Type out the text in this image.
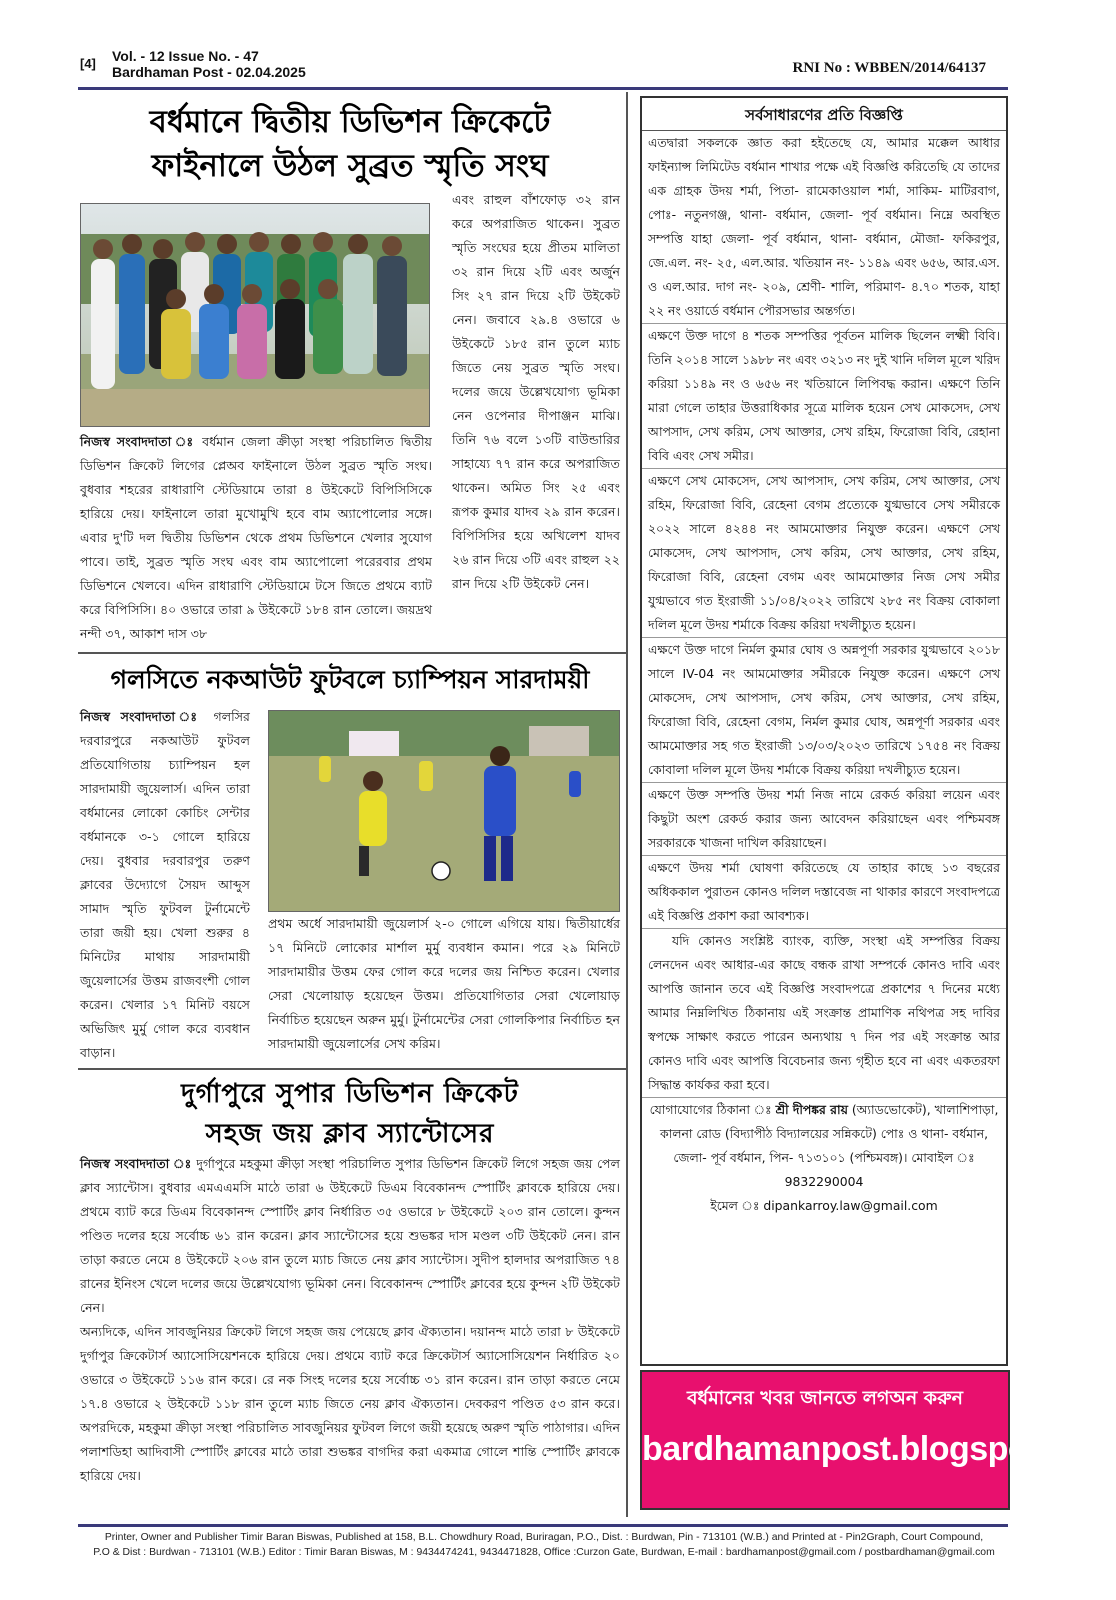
[4] Vol. - 12 Issue No. - 47
Bardhaman Post - 02.04.2025	RNI No : WBBEN/2014/64137
বর্ধমানে দ্বিতীয় ডিভিশন ক্রিকেটে
ফাইনালে উঠল সুব্রত স্মৃতি সংঘ
নিজস্ব সংবাদদাতা ঃ বর্ধমান জেলা ক্রীড়া সংস্থা পরিচালিত দ্বিতীয় ডিভিশন ক্রিকেট লিগের প্লেঅব ফাইনালে উঠল সুব্রত স্মৃতি সংঘ। বুধবার শহরের রাধারাণি স্টেডিয়ামে তারা ৪ উইকেটে বিপিসিসিকে হারিয়ে দেয়। ফাইনালে তারা মুখোমুখি হবে বাম অ্যাপোলোর সঙ্গে। এবার দু'টি দল দ্বিতীয় ডিভিশন থেকে প্রথম ডিভিশনে খেলার সুযোগ পাবে। তাই, সুব্রত স্মৃতি সংঘ এবং বাম অ্যাপোলো পরেরবার প্রথম ডিভিশনে খেলবে। এদিন রাধারাণি স্টেডিয়ামে টসে জিতে প্রথমে ব্যাট করে বিপিসিসি। ৪০ ওভারে তারা ৯ উইকেটে ১৮৪ রান তোলে। জয়দ্রথ নন্দী ৩৭, আকাশ দাস ৩৮
এবং রাহুল বাঁশফোড় ৩২ রান করে অপরাজিত থাকেন। সুব্রত স্মৃতি সংঘের হয়ে প্রীতম মালিতা ৩২ রান দিয়ে ২টি এবং অর্জুন সিং ২৭ রান দিয়ে ২টি উইকেট নেন। জবাবে ২৯.৪ ওভারে ৬ উইকেটে ১৮৫ রান তুলে ম্যাচ জিতে নেয় সুব্রত স্মৃতি সংঘ। দলের জয়ে উল্লেখযোগ্য ভূমিকা নেন ওপেনার দীপাঞ্জন মাঝি। তিনি ৭৬ বলে ১৩টি বাউন্ডারির সাহায্যে ৭৭ রান করে অপরাজিত থাকেন। অমিত সিং ২৫ এবং রূপক কুমার যাদব ২৯ রান করেন। বিপিসিসির হয়ে অখিলেশ যাদব ২৬ রান দিয়ে ৩টি এবং রাহুল ২২ রান দিয়ে ২টি উইকেট নেন।
গলসিতে নকআউট ফুটবলে চ্যাম্পিয়ন সারদাময়ী
নিজস্ব সংবাদদাতা ঃ গলসির দরবারপুরে নকআউট ফুটবল প্রতিযোগিতায় চ্যাম্পিয়ন হল সারদামায়ী জুয়েলার্স। এদিন তারা বর্ধমানের লোকো কোচিং সেন্টার বর্ধমানকে ৩-১ গোলে হারিয়ে দেয়। বুধবার দরবারপুর তরুণ ক্লাবের উদ্যোগে সৈয়দ আব্দুস সামাদ স্মৃতি ফুটবল টুর্নামেন্টে তারা জয়ী হয়। খেলা শুরুর ৪ মিনিটের মাথায় সারদামায়ী জুয়েলার্সের উত্তম রাজবংশী গোল করেন। খেলার ১৭ মিনিট বয়সে অভিজিৎ মুর্মু গোল করে ব্যবধান বাড়ান।
প্রথম অর্ধে সারদামায়ী জুয়েলার্স ২-০ গোলে এগিয়ে যায়। দ্বিতীয়ার্ধের ১৭ মিনিটে লোকোর মার্শাল মুর্মু ব্যবধান কমান। পরে ২৯ মিনিটে সারদামায়ীর উত্তম ফের গোল করে দলের জয় নিশ্চিত করেন। খেলার সেরা খেলোয়াড় হয়েছেন উত্তম। প্রতিযোগিতার সেরা খেলোয়াড় নির্বাচিত হয়েছেন অরুন মুর্মু। টুর্নামেন্টের সেরা গোলকিপার নির্বাচিত হন সারদামায়ী জুয়েলার্সের সেখ করিম।
দুর্গাপুরে সুপার ডিভিশন ক্রিকেট
সহজ জয় ক্লাব স্যান্টোসের
নিজস্ব সংবাদদাতা ঃ দুর্গাপুরে মহকুমা ক্রীড়া সংস্থা পরিচালিত সুপার ডিভিশন ক্রিকেট লিগে সহজ জয় পেল ক্লাব স্যান্টোস। বুধবার এমএএমসি মাঠে তারা ৬ উইকেটে ডিএম বিবেকানন্দ স্পোর্টিং ক্লাবকে হারিয়ে দেয়। প্রথমে ব্যাট করে ডিএম বিবেকানন্দ স্পোর্টিং ক্লাব নির্ধারিত ৩৫ ওভারে ৮ উইকেটে ২০৩ রান তোলে। কুন্দন পণ্ডিত দলের হয়ে সর্বোচ্চ ৬১ রান করেন। ক্লাব স্যান্টোসের হয়ে শুভঙ্কর দাস মণ্ডল ৩টি উইকেট নেন। রান তাড়া করতে নেমে ৪ উইকেটে ২০৬ রান তুলে ম্যাচ জিতে নেয় ক্লাব স্যান্টোস। সুদীপ হালদার অপরাজিত ৭৪ রানের ইনিংস খেলে দলের জয়ে উল্লেখযোগ্য ভূমিকা নেন। বিবেকানন্দ স্পোর্টিং ক্লাবের হয়ে কুন্দন ২টি উইকেট নেন।
অন্যদিকে, এদিন সাবজুনিয়র ক্রিকেট লিগে সহজ জয় পেয়েছে ক্লাব ঐক্যতান। দয়ানন্দ মাঠে তারা ৮ উইকেটে দুর্গাপুর ক্রিকেটার্স অ্যাসোসিয়েশনকে হারিয়ে দেয়। প্রথমে ব্যাট করে ক্রিকেটার্স অ্যাসোসিয়েশন নির্ধারিত ২০ ওভারে ৩ উইকেটে ১১৬ রান করে। রে নক সিংহ দলের হয়ে সর্বোচ্চ ৩১ রান করেন। রান তাড়া করতে নেমে ১৭.৪ ওভারে ২ উইকেটে ১১৮ রান তুলে ম্যাচ জিতে নেয় ক্লাব ঐক্যতান। দেবকরণ পণ্ডিত ৫৩ রান করে। অপরদিকে, মহকুমা ক্রীড়া সংস্থা পরিচালিত সাবজুনিয়র ফুটবল লিগে জয়ী হয়েছে অরুণ স্মৃতি পাঠাগার। এদিন পলাশডিহা আদিবাসী স্পোর্টিং ক্লাবের মাঠে তারা শুভঙ্কর বাগদির করা একমাত্র গোলে শান্তি স্পোর্টিং ক্লাবকে হারিয়ে দেয়।
সর্বসাধারণের প্রতি বিজ্ঞপ্তি
এতদ্বারা সকলকে জ্ঞাত করা হইতেছে যে, আমার মক্কেল আধার ফাইন্যান্স লিমিটেড বর্ধমান শাখার পক্ষে এই বিজ্ঞপ্তি করিতেছি যে তাদের এক গ্রাহক উদয় শর্মা, পিতা- রামেকাওয়াল শর্মা, সাকিম- মাটিরবাগ, পোঃ- নতুনগঞ্জ, থানা- বর্ধমান, জেলা- পূর্ব বর্ধমান। নিম্নে অবস্থিত সম্পত্তি যাহা জেলা- পূর্ব বর্ধমান, থানা- বর্ধমান, মৌজা- ফকিরপুর, জে.এল. নং- ২৫, এল.আর. খতিয়ান নং- ১১৪৯ এবং ৬৫৬, আর.এস. ও এল.আর. দাগ নং- ২০৯, শ্রেণী- শালি, পরিমাণ- ৪.৭০ শতক, যাহা ২২ নং ওয়ার্ডে বর্ধমান পৌরসভার অন্তর্গত।
এক্ষণে উক্ত দাগে ৪ শতক সম্পত্তির পূর্বতন মালিক ছিলেন লক্ষ্মী বিবি। তিনি ২০১৪ সালে ১৯৮৮ নং এবং ৩২১৩ নং দুই খানি দলিল মূলে খরিদ করিয়া ১১৪৯ নং ও ৬৫৬ নং খতিয়ানে লিপিবদ্ধ করান। এক্ষণে তিনি মারা গেলে তাহার উত্তরাধিকার সূত্রে মালিক হয়েন সেখ মোকসেদ, সেখ আপসাদ, সেখ করিম, সেখ আক্তার, সেখ রহিম, ফিরোজা বিবি, রেহানা বিবি এবং সেখ সমীর।
এক্ষণে সেখ মোকসেদ, সেখ আপসাদ, সেখ করিম, সেখ আক্তার, সেখ রহিম, ফিরোজা বিবি, রেহেনা বেগম প্রত্যেকে যুগ্মভাবে সেখ সমীরকে ২০২২ সালে ৪২৪৪ নং আমমোক্তার নিযুক্ত করেন। এক্ষণে সেখ মোকসেদ, সেখ আপসাদ, সেখ করিম, সেখ আক্তার, সেখ রহিম, ফিরোজা বিবি, রেহেনা বেগম এবং আমমোক্তার নিজ সেখ সমীর যুগ্মভাবে গত ইংরাজী ১১/০৪/২০২২ তারিখে ২৮৫ নং বিক্রয় বোকালা দলিল মূলে উদয় শর্মাকে বিক্রয় করিয়া দখলীচ্যুত হয়েন।
এক্ষণে উক্ত দাগে নির্মল কুমার ঘোষ ও অন্নপূর্ণা সরকার যুগ্মভাবে ২০১৮ সালে IV-04 নং আমমোক্তার সমীরকে নিযুক্ত করেন। এক্ষণে সেখ মোকসেদ, সেখ আপসাদ, সেখ করিম, সেখ আক্তার, সেখ রহিম, ফিরোজা বিবি, রেহেনা বেগম, নির্মল কুমার ঘোষ, অন্নপূর্ণা সরকার এবং আমমোক্তার সহ গত ইংরাজী ১৩/০৩/২০২৩ তারিখে ১৭৫৪ নং বিক্রয় কোবালা দলিল মূলে উদয় শর্মাকে বিক্রয় করিয়া দখলীচ্যুত হয়েন।
এক্ষণে উক্ত সম্পত্তি উদয় শর্মা নিজ নামে রেকর্ড করিয়া লয়েন এবং কিছুটা অংশ রেকর্ড করার জন্য আবেদন করিয়াছেন এবং পশ্চিমবঙ্গ সরকারকে খাজনা দাখিল করিয়াছেন।
এক্ষণে উদয় শর্মা ঘোষণা করিতেছে যে তাহার কাছে ১৩ বছরের অধিককাল পুরাতন কোনও দলিল দস্তাবেজ না থাকার কারণে সংবাদপত্রে এই বিজ্ঞপ্তি প্রকাশ করা আবশ্যক।
যদি কোনও সংশ্লিষ্ট ব্যাংক, ব্যক্তি, সংস্থা এই সম্পত্তির বিক্রয় লেনদেন এবং আধার-এর কাছে বন্ধক রাখা সম্পর্কে কোনও দাবি এবং আপত্তি জানান তবে এই বিজ্ঞপ্তি সংবাদপত্রে প্রকাশের ৭ দিনের মধ্যে আমার নিম্নলিখিত ঠিকানায় এই সংক্রান্ত প্রামাণিক নথিপত্র সহ দাবির স্বপক্ষে সাক্ষাৎ করতে পারেন অন্যথায় ৭ দিন পর এই সংক্রান্ত আর কোনও দাবি এবং আপত্তি বিবেচনার জন্য গৃহীত হবে না এবং একতরফা সিদ্ধান্ত কার্যকর করা হবে।
যোগাযোগের ঠিকানা ঃ শ্রী দীপঙ্কর রায় (অ্যাডভোকেট), খালাশিপাড়া, কালনা রোড (বিদ্যাপীঠ বিদ্যালয়ের সন্নিকটে) পোঃ ও থানা- বর্ধমান, জেলা- পূর্ব বর্ধমান, পিন- ৭১৩১০১ (পশ্চিমবঙ্গ)। মোবাইল ঃ 9832290004
ইমেল ঃ dipankarroy.law@gmail.com
বর্ধমানের খবর জানতে লগঅন করুন
bardhamanpost.blogspot.com
Printer, Owner and Publisher Timir Baran Biswas, Published at 158, B.L. Chowdhury Road, Buriragan, P.O., Dist. : Burdwan, Pin - 713101 (W.B.) and Printed at - Pin2Graph, Court Compound,
P.O & Dist : Burdwan - 713101 (W.B.) Editor : Timir Baran Biswas, M : 9434474241, 9434471828, Office :Curzon Gate, Burdwan, E-mail : bardhamanpost@gmail.com / postbardhaman@gmail.com
